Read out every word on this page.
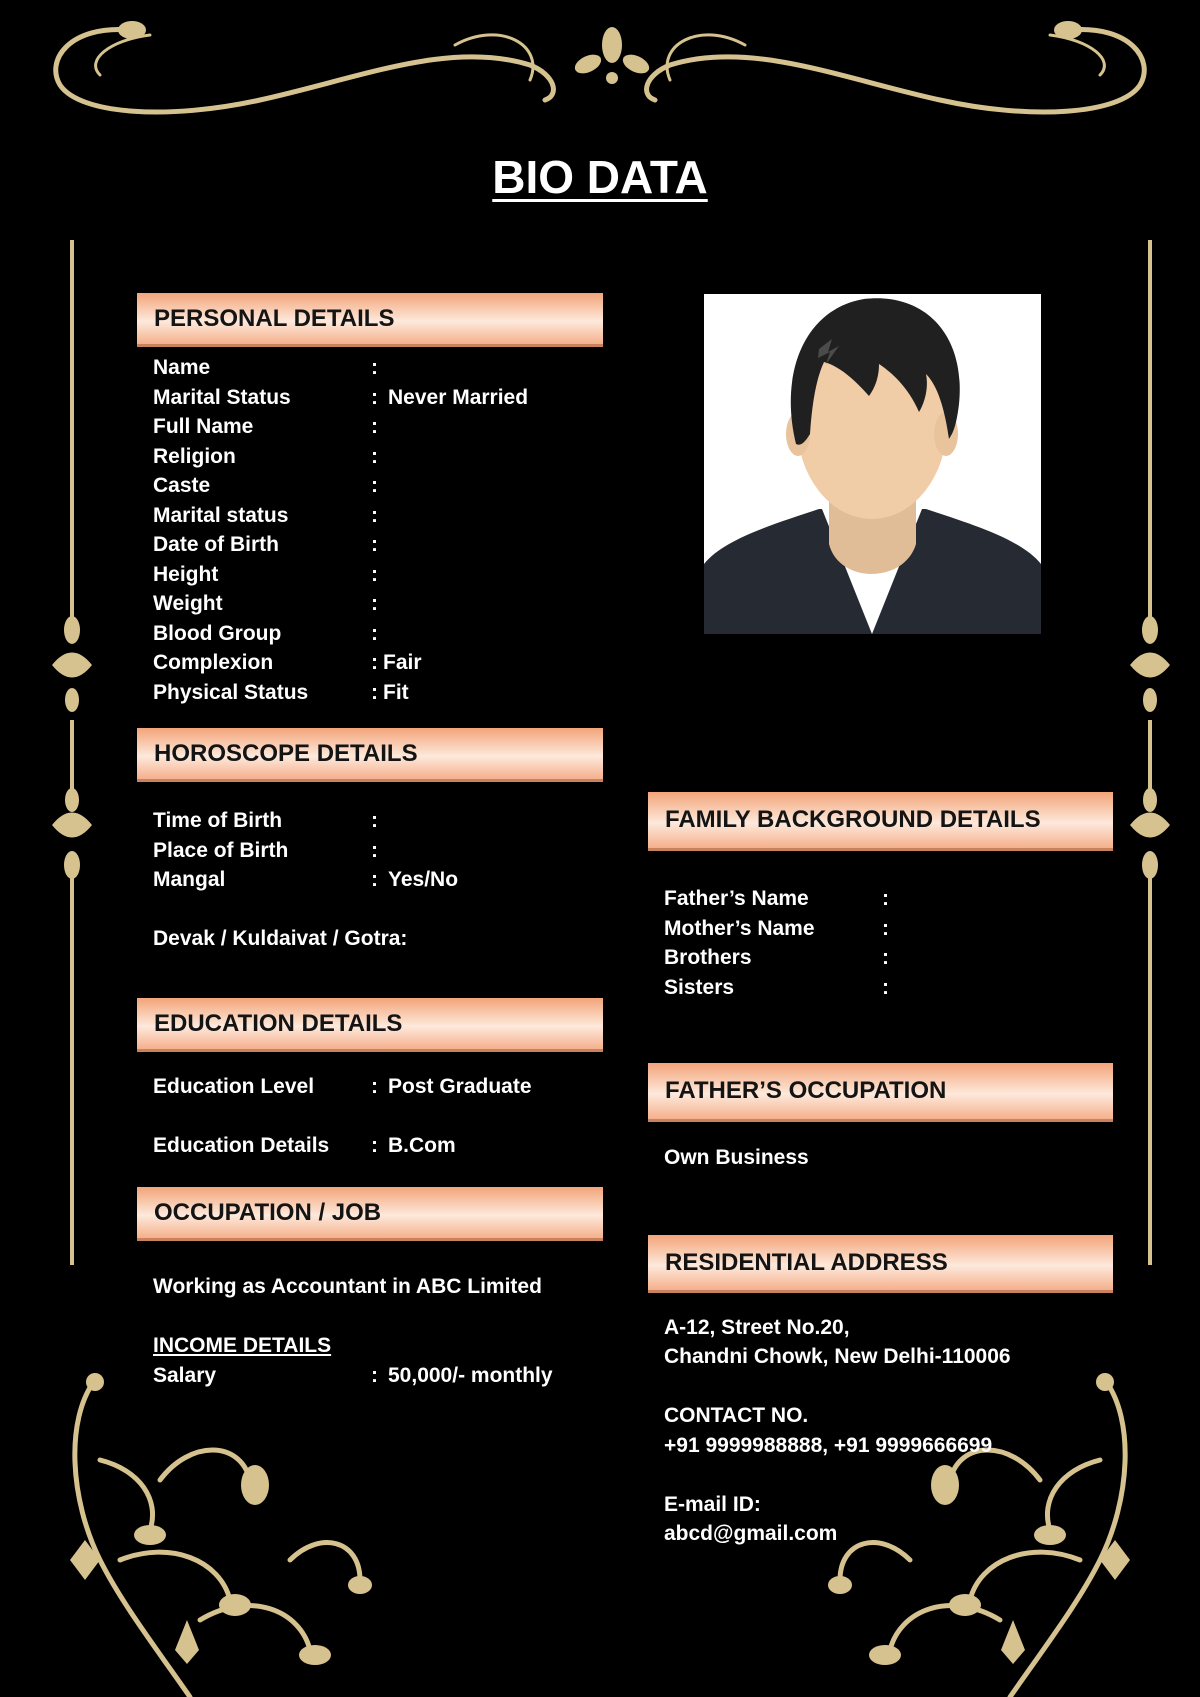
BIO DATA
PERSONAL DETAILS
Name	:
Marital Status	: Never Married
Full Name	:
Religion	:
Caste	:
Marital status	:
Date of Birth	:
Height	:
Weight	:
Blood Group	:
Complexion	: Fair
Physical Status	: Fit
HOROSCOPE DETAILS
Time of Birth	:
Place of Birth	:
Mangal	: Yes/No
Devak / Kuldaivat / Gotra:
EDUCATION DETAILS
Education Level	: Post Graduate
Education Details : B.Com
OCCUPATION / JOB
Working as Accountant in ABC Limited
INCOME DETAILS
Salary	: 50,000/- monthly
FAMILY BACKGROUND DETAILS
Father’s Name	:
Mother’s Name	:
Brothers	:
Sisters	:
FATHER’S OCCUPATION
Own Business
RESIDENTIAL ADDRESS
A-12, Street No.20,
Chandni Chowk, New Delhi-110006
CONTACT NO.
+91 9999988888, +91 9999666699
E-mail ID:
abcd@gmail.com
